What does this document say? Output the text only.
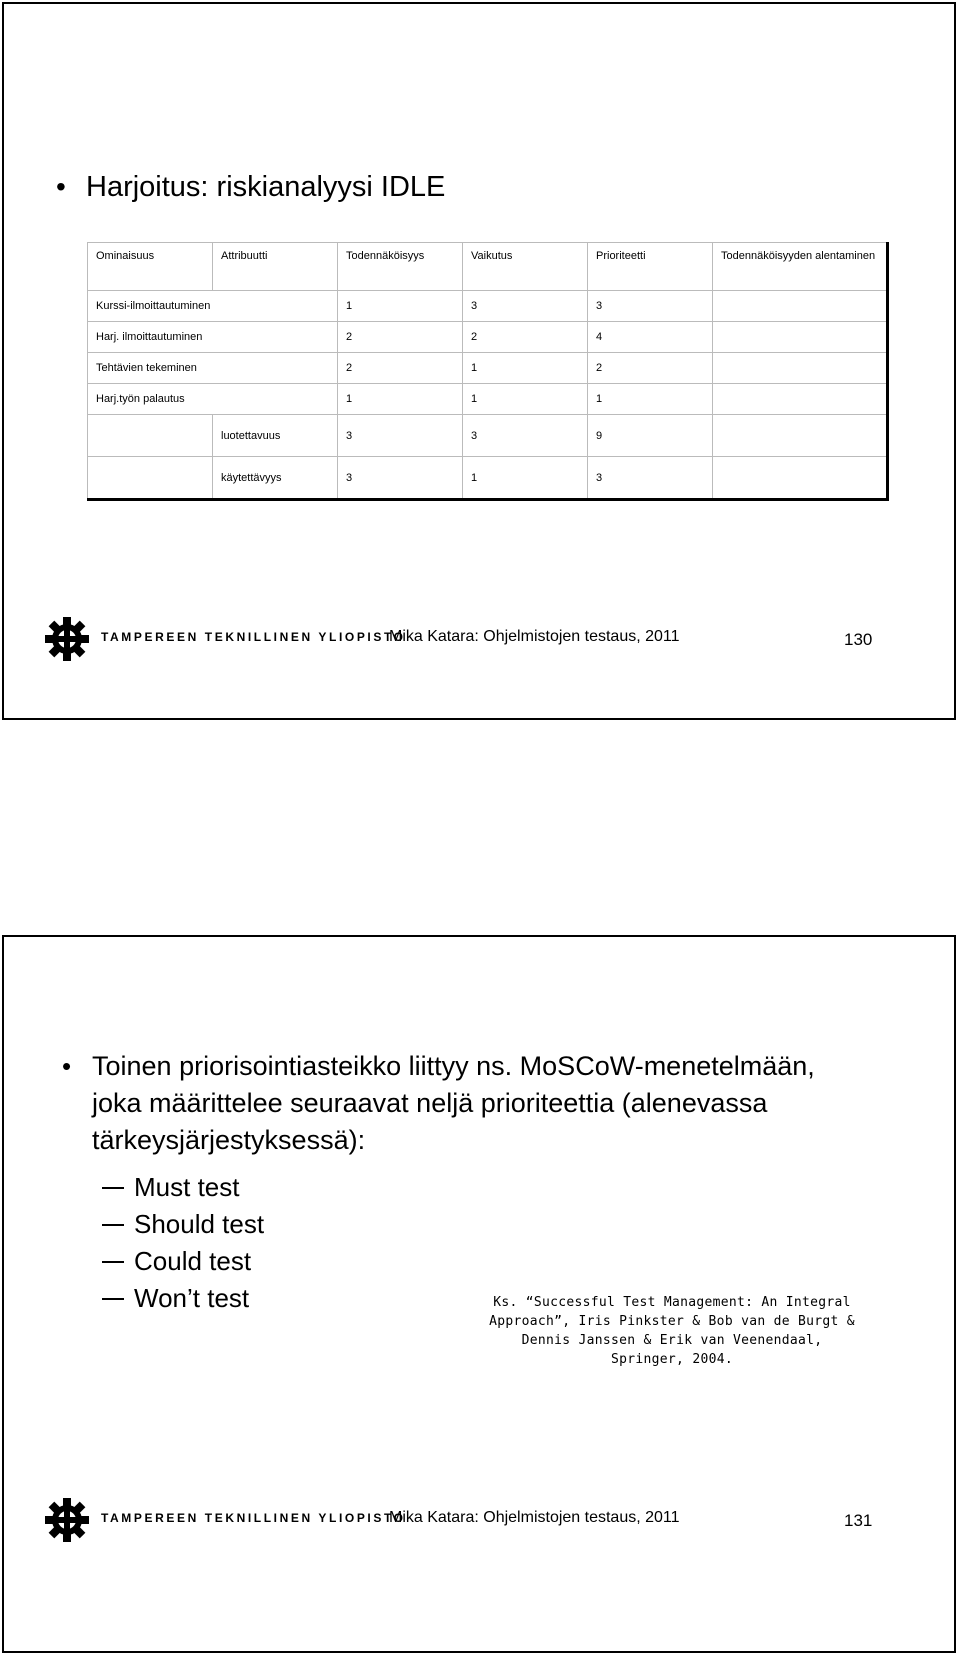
• Harjoitus: riskianalyysi IDLE
Ominaisuus	Attribuutti	Todennäköisyys	Vaikutus	Prioriteetti	Todennäköisyyden alentaminen
Kurssi-ilmoittautuminen		1	3	3	
Harj. ilmoittautuminen		2	2	4	
Tehtävien tekeminen		2	1	2	
Harj.työn palautus		1	1	1	
	luotettavuus	3	3	9	
	käytettävyys	3	1	3	
TAMPEREEN TEKNILLINEN YLIOPISTO
Mika Katara: Ohjelmistojen testaus, 2011	130
• Toinen priorisointiasteikko liittyy ns. MoSCoW-menetelmään,
joka määrittelee seuraavat neljä prioriteettia (alenevassa
tärkeysjärjestyksessä):
Must test
Should test
Could test
Won’t test	Ks. “Successful Test Management: An Integral
Approach”, Iris Pinkster & Bob van de Burgt &
Dennis Janssen & Erik van Veenendaal,
Springer, 2004.
TAMPEREEN TEKNILLINEN YLIOPISTO
Mika Katara: Ohjelmistojen testaus, 2011	131
